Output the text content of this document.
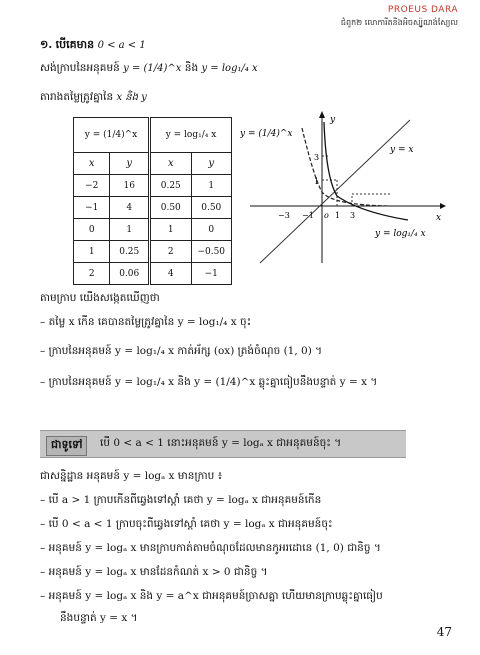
PROEUS DARA
ជំពូក២ លោការីតនិងអិចស្ប៉ូណង់ស្យែល
១. បើគេមាន 0 < a < 1
សង់ក្រាបនៃអនុគមន៍ y = (1/4)^x និង y = log₁/₄ x
តារាងតម្លៃត្រូវគ្នានៃ x និង y
y = (1/4)^x		y = log₁/₄ x	
x	y	x	y
−2	16	0.25	1
−1	4	0.50	0.50
0	1	1	0
1	0.25	2	−0.50
2	0.06	4	−1
y = (1/4)^x
y = x
y = log₁/₄ x
y
x
−3 −1 o 1 3
3
1
តាមក្រាប យើងសង្កេតឃើញថា
– តម្លៃ x កើន គេបានតម្លៃត្រូវគ្នានៃ y = log₁/₄ x ចុះ
– ក្រាបនៃអនុគមន៍ y = log₁/₄ x កាត់អ័ក្ស (ox) ត្រង់ចំណុច (1, 0) ។
– ក្រាបនៃអនុគមន៍ y = log₁/₄ x និង y = (1/4)^x ឆ្លុះគ្នាធៀបនឹងបន្ទាត់ y = x ។
ជាទូទៅ	បើ 0 < a < 1 នោះអនុគមន៍ y = logₐ x ជាអនុគមន៍ចុះ ។
ជាសន្និដ្ឋាន អនុគមន៍ y = logₐ x មានក្រាប ៖
– បើ a > 1 ក្រាបកើនពីឆ្វេងទៅស្តាំ គេថា y = logₐ x ជាអនុគមន៍កើន
– បើ 0 < a < 1 ក្រាបចុះពីឆ្វេងទៅស្តាំ គេថា y = logₐ x ជាអនុគមន៍ចុះ
– អនុគមន៍ y = logₐ x មានក្រាបកាត់តាមចំណុចដែលមានកូអរដោនេ (1, 0) ជានិច្ច ។
– អនុគមន៍ y = logₐ x មានដែនកំណត់ x > 0 ជានិច្ច ។
– អនុគមន៍ y = logₐ x និង y = a^x ជាអនុគមន៍ច្រាសគ្នា ហើយមានក្រាបឆ្លុះគ្នាធៀប
នឹងបន្ទាត់ y = x ។
47
